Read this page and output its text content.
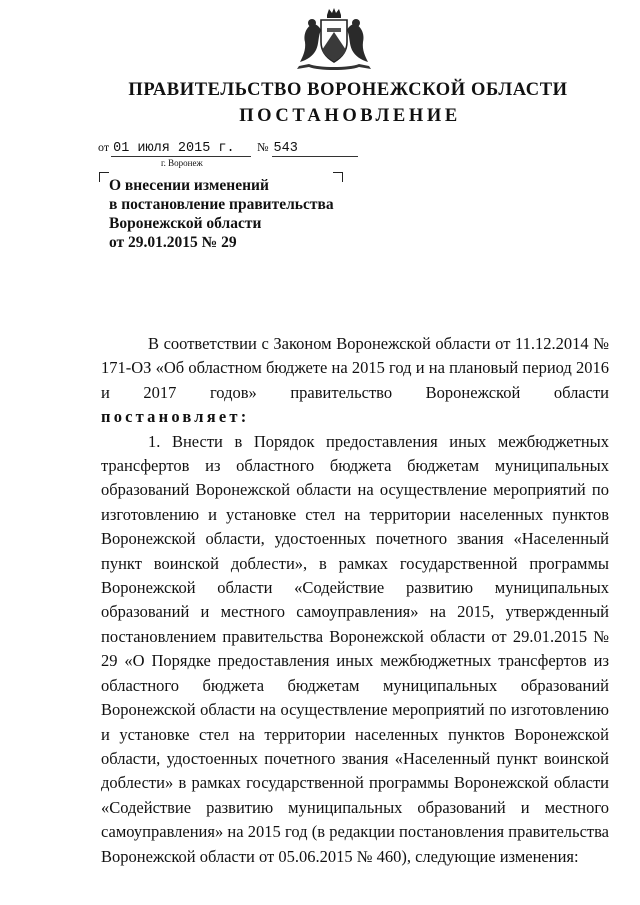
ПРАВИТЕЛЬСТВО ВОРОНЕЖСКОЙ ОБЛАСТИ
ПОСТАНОВЛЕНИЕ
от 01 июля 2015 г. № 543
г. Воронеж
О внесении изменений
в постановление правительства
Воронежской области
от 29.01.2015 № 29

В соответствии с Законом Воронежской области от 11.12.2014 № 171-ОЗ «Об областном бюджете на 2015 год и на плановый период 2016 и 2017 годов» правительство Воронежской области постановляет:

1. Внести в Порядок предоставления иных межбюджетных трансфертов из областного бюджета бюджетам муниципальных образований Воронежской области на осуществление мероприятий по изготовлению и установке стел на территории населенных пунктов Воронежской области, удостоенных почетного звания «Населенный пункт воинской доблести», в рамках государственной программы Воронежской области «Содействие развитию муниципальных образований и местного самоуправления» на 2015, утвержденный постановлением правительства Воронежской области от 29.01.2015 № 29 «О Порядке предоставления иных межбюджетных трансфертов из областного бюджета бюджетам муниципальных образований Воронежской области на осуществление мероприятий по изготовлению и установке стел на территории населенных пунктов Воронежской области, удостоенных почетного звания «Населенный пункт воинской доблести» в рамках государственной программы Воронежской области «Содействие развитию муниципальных образований и местного самоуправления» на 2015 год (в редакции постановления правительства Воронежской области от 05.06.2015 № 460), следующие изменения:
